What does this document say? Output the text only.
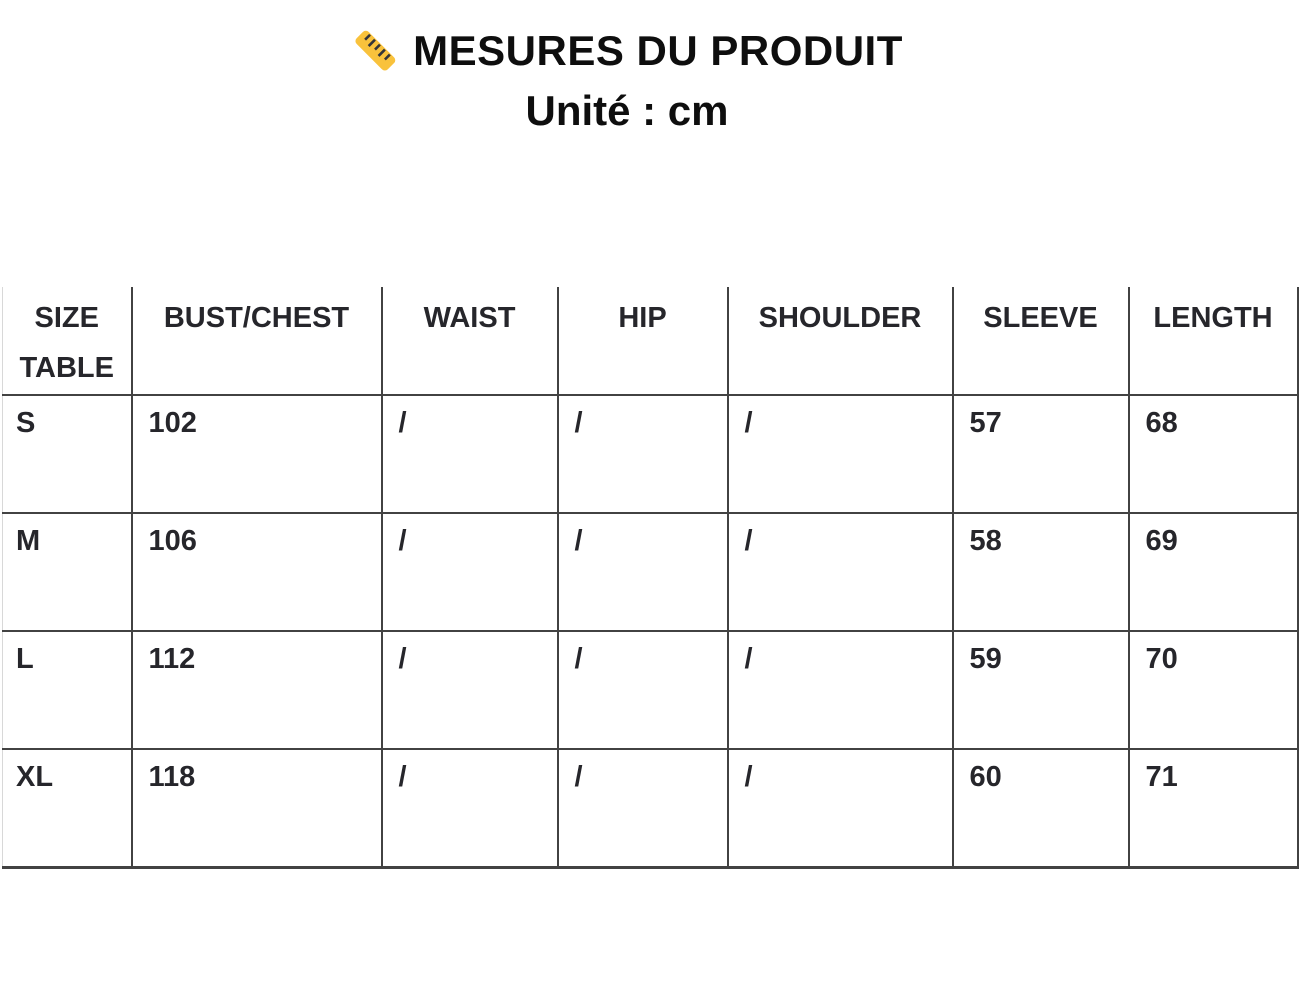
MESURES DU PRODUIT

Unité : cm

SIZE TABLE	BUST/CHEST	WAIST	HIP	SHOULDER	SLEEVE	LENGTH
S	102	/	/	/	57	68
M	106	/	/	/	58	69
L	112	/	/	/	59	70
XL	118	/	/	/	60	71
